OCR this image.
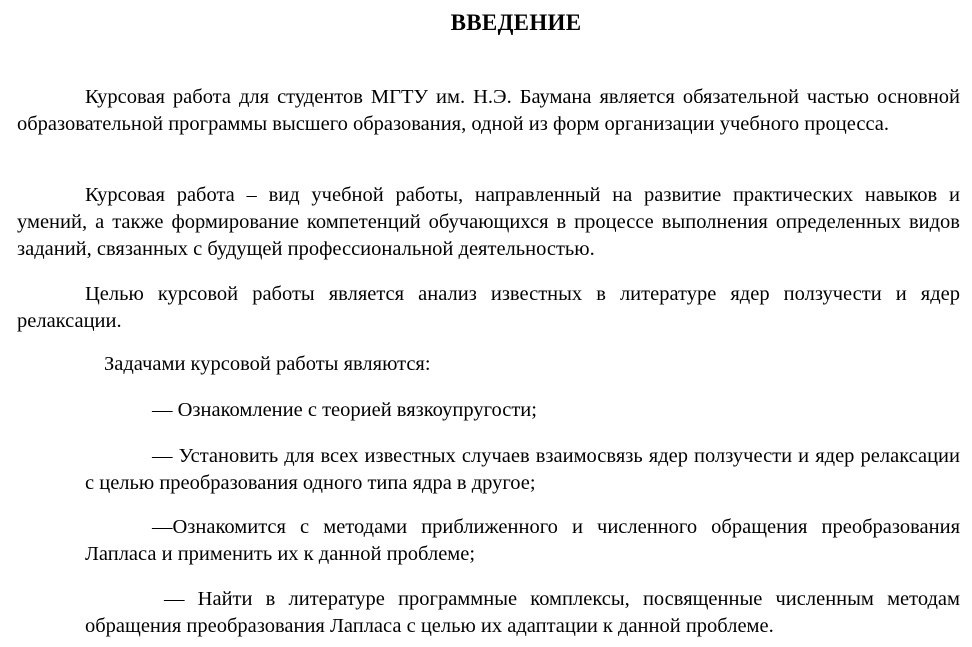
ВВЕДЕНИЕ

Курсовая работа для студентов МГТУ им. Н.Э. Баумана является обязательной частью основной образовательной программы высшего образования, одной из форм организации учебного процесса.

Курсовая работа – вид учебной работы, направленный на развитие практических навыков и умений, а также формирование компетенций обучающихся в процессе выполнения определенных видов заданий, связанных с будущей профессиональной деятельностью.

Целью курсовой работы является анализ известных в литературе ядер ползучести и ядер релаксации.

Задачами курсовой работы являются:

— Ознакомление с теорией вязкоупругости;

— Установить для всех известных случаев взаимосвязь ядер ползучести и ядер релаксации с целью преобразования одного типа ядра в другое;

—Ознакомится с методами приближенного и численного обращения преобразования Лапласа и применить их к данной проблеме;

— Найти в литературе программные комплексы, посвященные численным методам обращения преобразования Лапласа с целью их адаптации к данной проблеме.
